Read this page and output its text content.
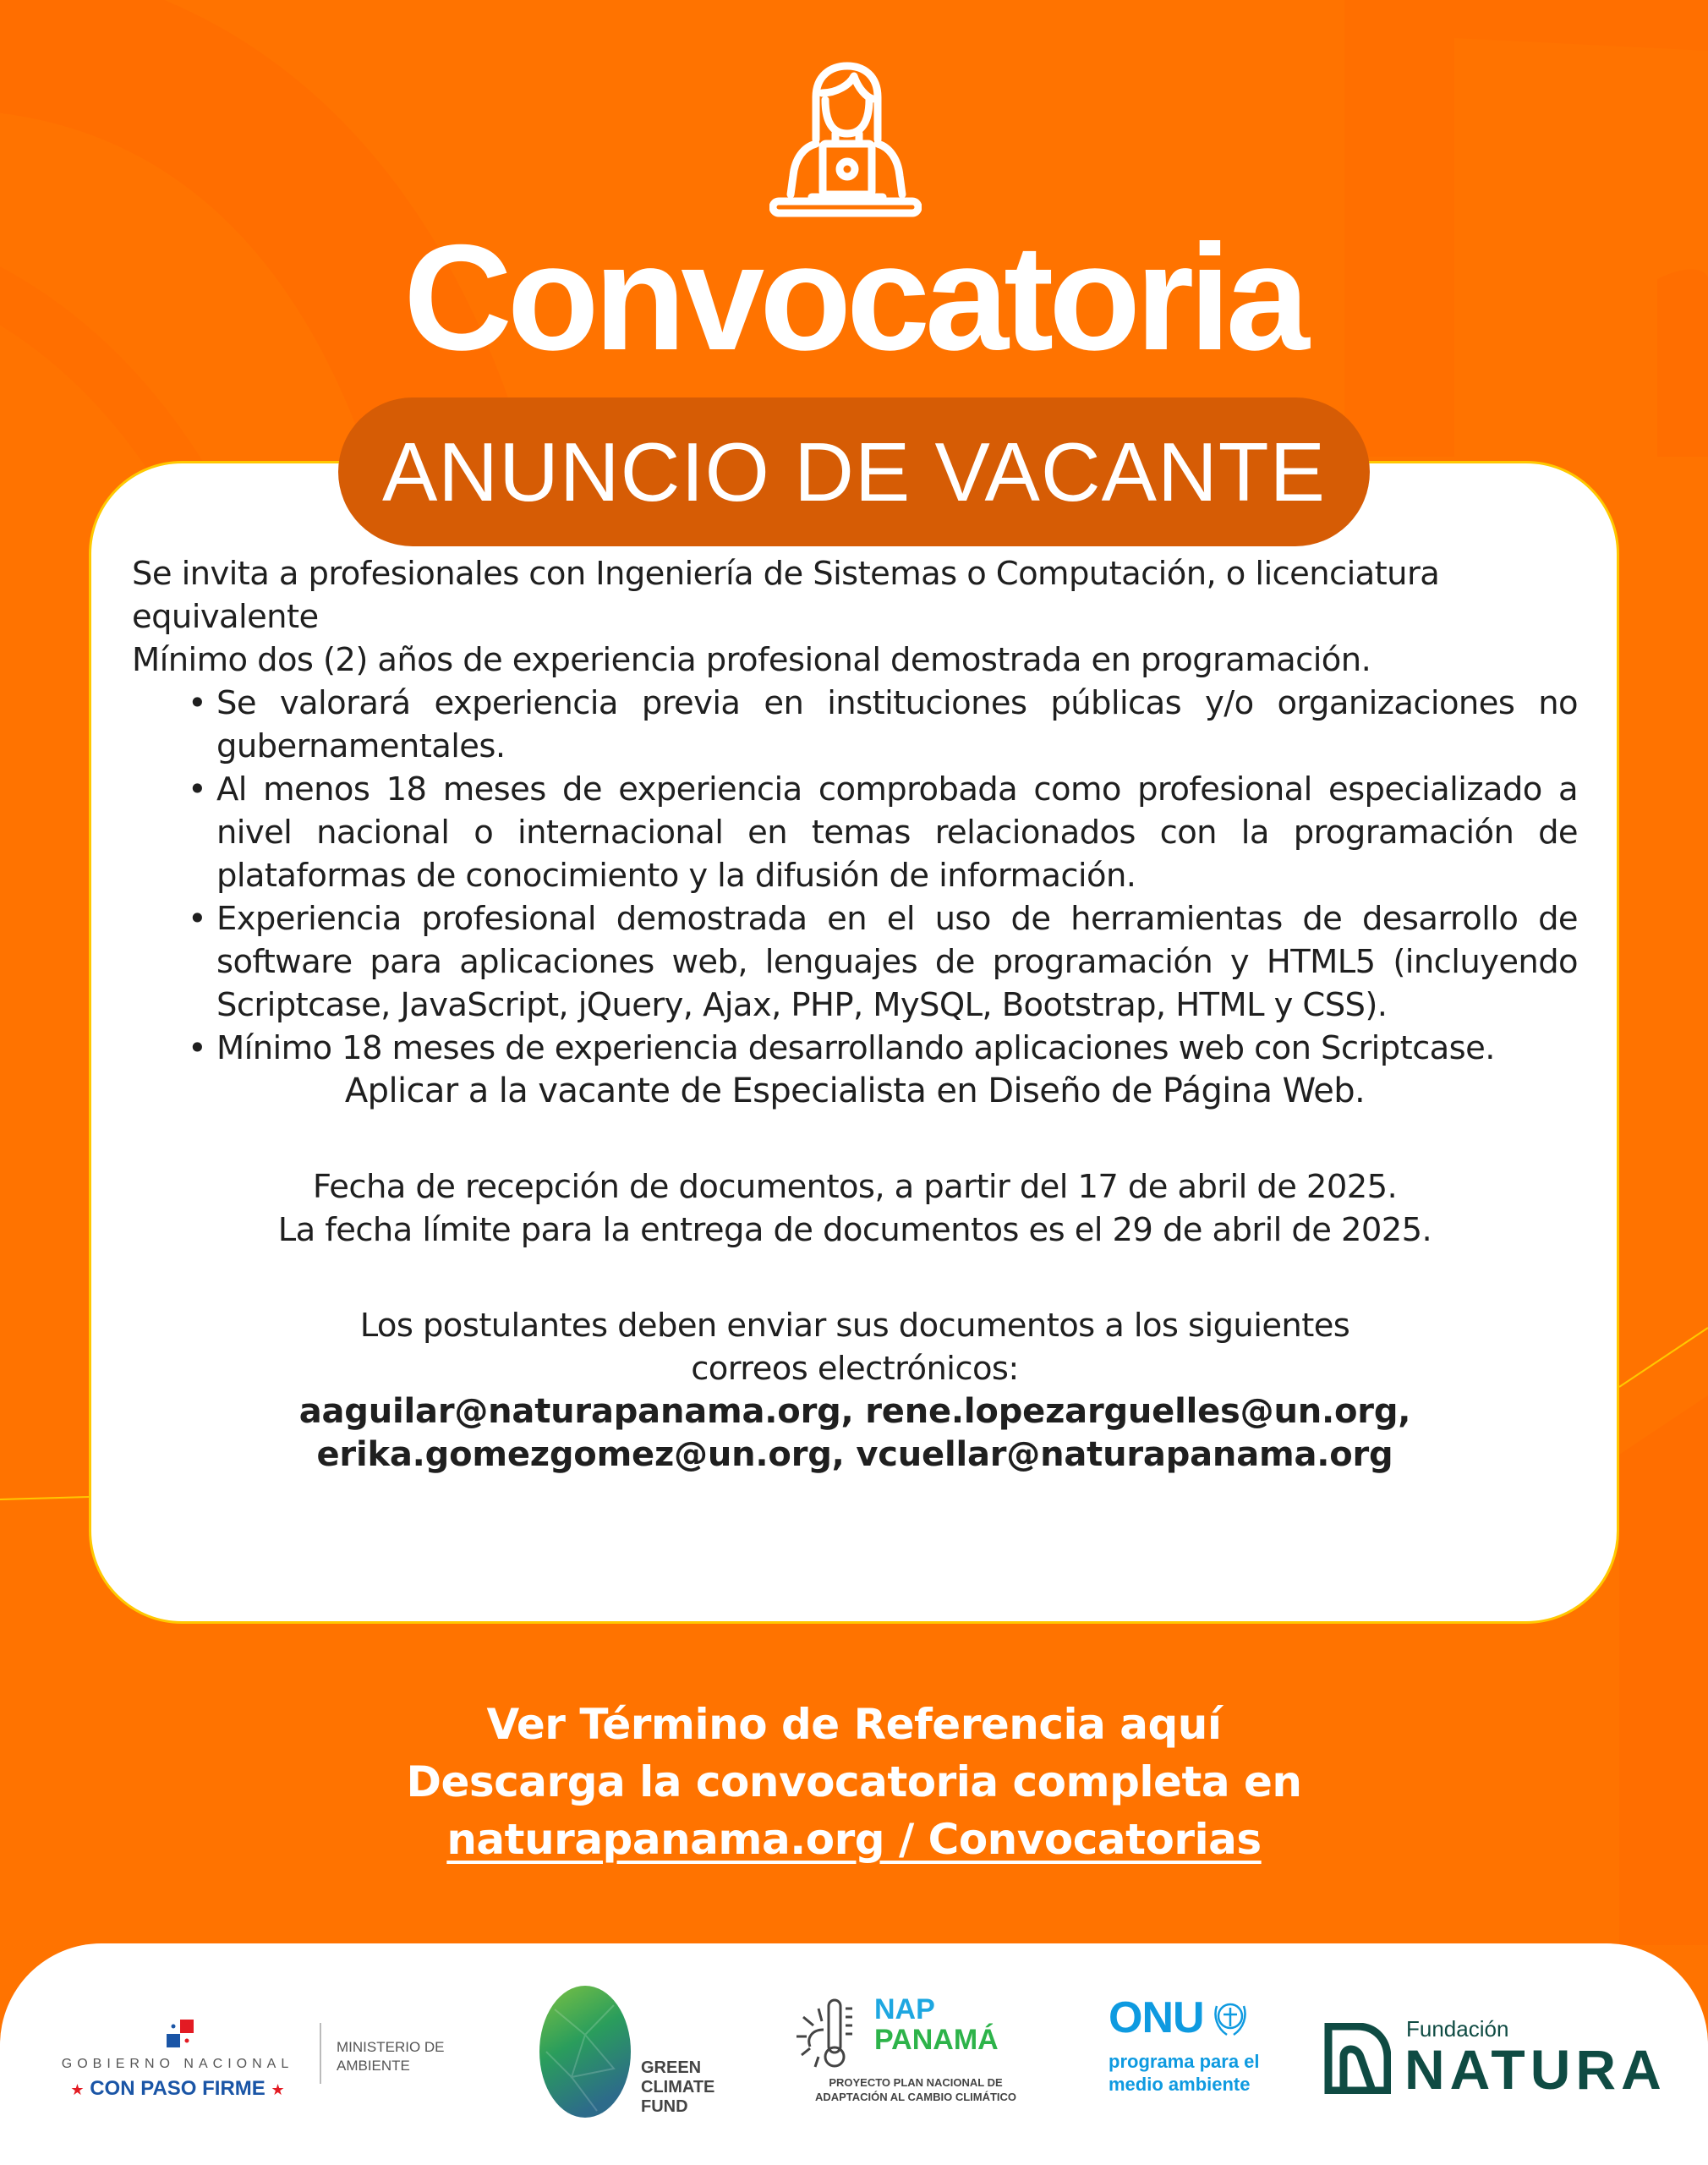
Convocatoria

Se invita a profesionales con Ingeniería de Sistemas o Computación, o licenciatura equivalente

Mínimo dos (2) años de experiencia profesional demostrada en programación.

• Se valorará experiencia previa en instituciones públicas y/o organizaciones no gubernamentales.
• Al menos 18 meses de experiencia comprobada como profesional especializado a nivel nacional o internacional en temas relacionados con la programación de plataformas de conocimiento y la difusión de información.
• Experiencia profesional demostrada en el uso de herramientas de desarrollo de software para aplicaciones web, lenguajes de programación y HTML5 (incluyendo Scriptcase, JavaScript, jQuery, Ajax, PHP, MySQL, Bootstrap, HTML y CSS).
• Mínimo 18 meses de experiencia desarrollando aplicaciones web con Scriptcase.

Aplicar a la vacante de Especialista en Diseño de Página Web.

Fecha de recepción de documentos, a partir del 17 de abril de 2025.

La fecha límite para la entrega de documentos es el 29 de abril de 2025.

Los postulantes deben enviar sus documentos a los siguientes

correos electrónicos:

aaguilar@naturapanama.org, rene.lopezarguelles@un.org,

erika.gomezgomez@un.org, vcuellar@naturapanama.org

ANUNCIO DE VACANTE
Ver Término de Referencia aquí
Descarga la convocatoria completa en
naturapanama.org / Convocatorias
GOBIERNO NACIONAL
★ CON PASO FIRME ★
MINISTERIO DE AMBIENTE	GREEN
CLIMATE
FUND
NAP
PANAMÁ
PROYECTO PLAN NACIONAL DE
ADAPTACIÓN AL CAMBIO CLIMÁTICO
ONU
programa para el
medio ambiente
Fundación
NATURA
